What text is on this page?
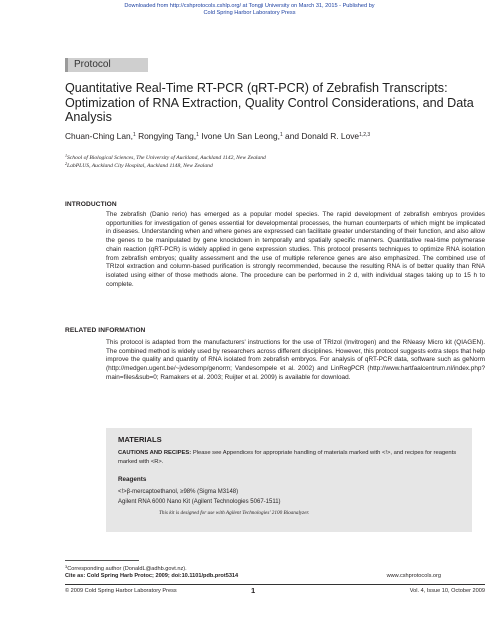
Downloaded from http://cshprotocols.cshlp.org/ at Tongji University on March 31, 2015 - Published by
Cold Spring Harbor Laboratory Press
Protocol
Quantitative Real-Time RT-PCR (qRT-PCR) of Zebrafish Transcripts: Optimization of RNA Extraction, Quality Control Considerations, and Data Analysis
Chuan-Ching Lan,$^1$ Rongying Tang,$^1$ Ivone Un San Leong,$^1$ and Donald R. Love$^{1,2,3}$
$^1$School of Biological Sciences, The University of Auckland, Auckland 1142, New Zealand
$^2$LabPLUS, Auckland City Hospital, Auckland 1148, New Zealand
INTRODUCTION
The zebrafish (Danio rerio) has emerged as a popular model species. The rapid development of zebrafish embryos provides opportunities for investigation of genes essential for developmental processes, the human counterparts of which might be implicated in diseases. Understanding when and where genes are expressed can facilitate greater understanding of their function, and also allow the genes to be manipulated by gene knockdown in temporally and spatially specific manners. Quantitative real-time polymerase chain reaction (qRT-PCR) is widely applied in gene expression studies. This protocol presents techniques to optimize RNA isolation from zebrafish embryos; quality assessment and the use of multiple reference genes are also emphasized. The combined use of TRIzol extraction and column-based purification is strongly recommended, because the resulting RNA is of better quality than RNA isolated using either of those methods alone. The procedure can be performed in 2 d, with individual stages taking up to 15 h to complete.
RELATED INFORMATION
This protocol is adapted from the manufacturers' instructions for the use of TRIzol (Invitrogen) and the RNeasy Micro kit (QIAGEN). The combined method is widely used by researchers across different disciplines. However, this protocol suggests extra steps that help improve the quality and quantity of RNA isolated from zebrafish embryos. For analysis of qRT-PCR data, software such as geNorm (http://medgen.ugent.be/~jvdesomp/genorm; Vandesompele et al. 2002) and LinRegPCR (http://www.hartfaalcentrum.nl/index.php?main=files&sub=0; Ramakers et al. 2003; Ruijter et al. 2009) is available for download.
MATERIALS
CAUTIONS AND RECIPES: Please see Appendices for appropriate handling of materials marked with <!>, and recipes for reagents marked with <R>.
Reagents
<!>β-mercaptoethanol, ≥98% (Sigma M3148)
Agilent RNA 6000 Nano Kit (Agilent Technologies 5067-1511)
This kit is designed for use with Agilent Technologies' 2100 Bioanalyzer.
$^3$Corresponding author (DonaldL@adhb.govt.nz).
Cite as: Cold Spring Harb Protoc; 2009; doi:10.1101/pdb.prot5314	www.cshprotocols.org
© 2009 Cold Spring Harbor Laboratory Press	1	Vol. 4, Issue 10, October 2009
